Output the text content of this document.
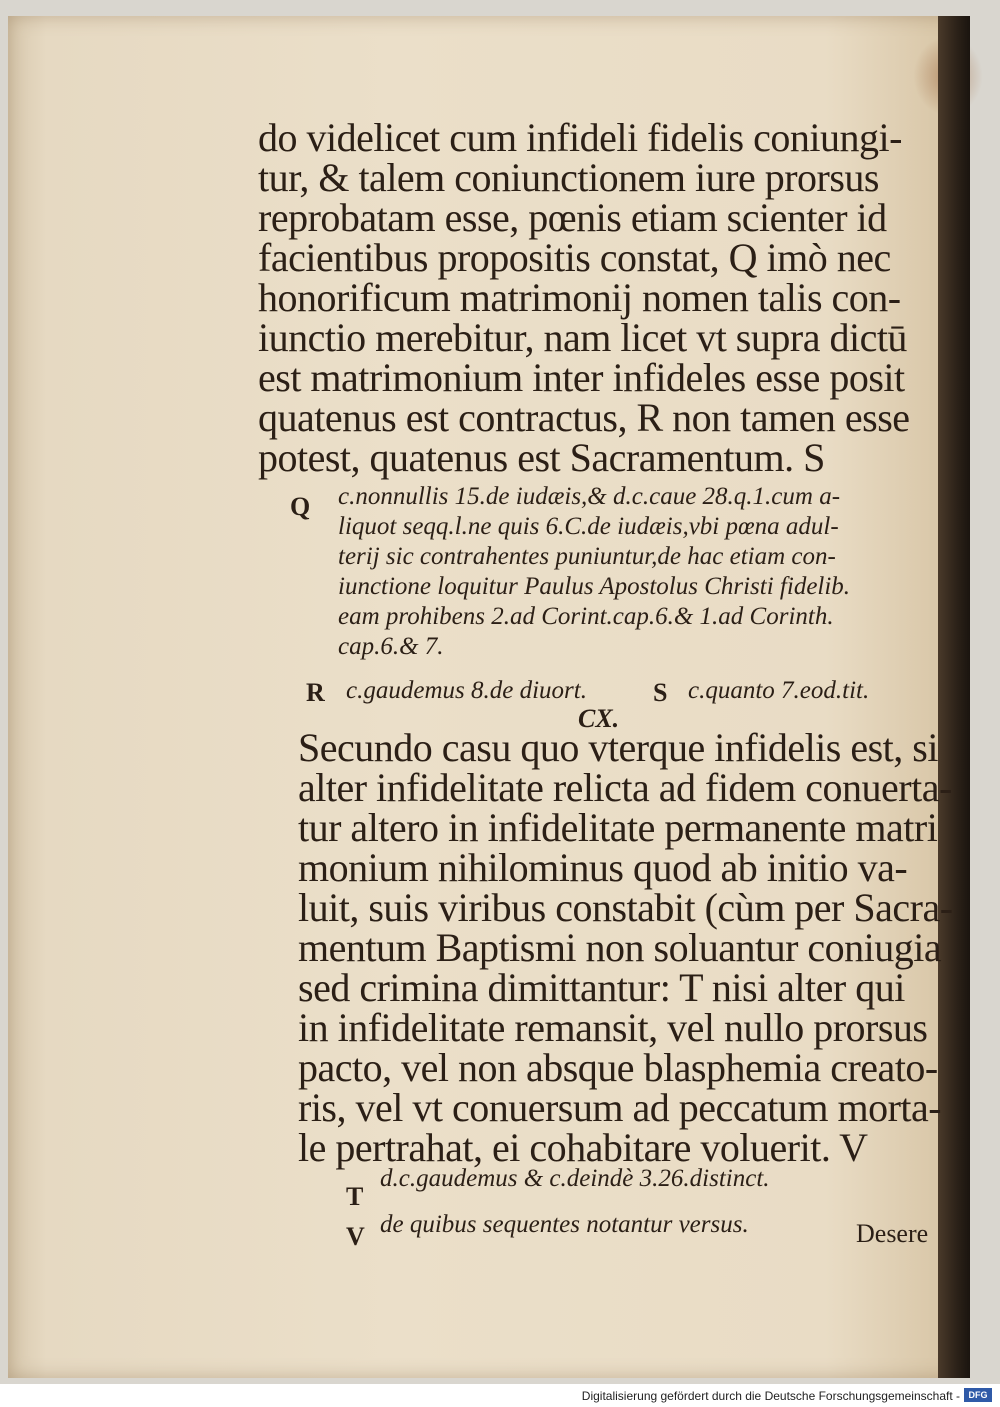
do videlicet cum infideli fidelis coniungi-
tur, & talem coniunctionem iure prorsus
reprobatam esse, pœnis etiam scienter id
facientibus propositis constat, Q imò nec
honorificum matrimonij nomen talis con-
iunctio merebitur, nam licet vt supra dictū
est matrimonium inter infideles esse posit
quatenus est contractus, R non tamen esse
potest, quatenus est Sacramentum. S
Q c.nonnullis 15.de iudæis,& d.c.caue 28.q.1.cum a-
liquot seqq.l.ne quis 6.C.de iudæis,vbi pœna adul-
terij sic contrahentes puniuntur,de hac etiam con-
iunctione loquitur Paulus Apostolus Christi fidelib.
eam prohibens 2.ad Corint.cap.6.& 1.ad Corinth.
cap.6.& 7.
R c.gaudemus 8.de diuort.	S c.quanto 7.eod.tit.
CX.
Secundo casu quo vterque infidelis est, si
alter infidelitate relicta ad fidem conuerta-
tur altero in infidelitate permanente matri
monium nihilominus quod ab initio va-
luit, suis viribus constabit (cùm per Sacra-
mentum Baptismi non soluantur coniugia
sed crimina dimittantur: T nisi alter qui
in infidelitate remansit, vel nullo prorsus
pacto, vel non absque blasphemia creato-
ris, vel vt conuersum ad peccatum morta-
le pertrahat, ei cohabitare voluerit. V
T
d.c.gaudemus & c.deindè 3.26.distinct.
V de quibus sequentes notantur versus.	Desere
Digitalisierung gefördert durch die Deutsche Forschungsgemeinschaft - DFG
